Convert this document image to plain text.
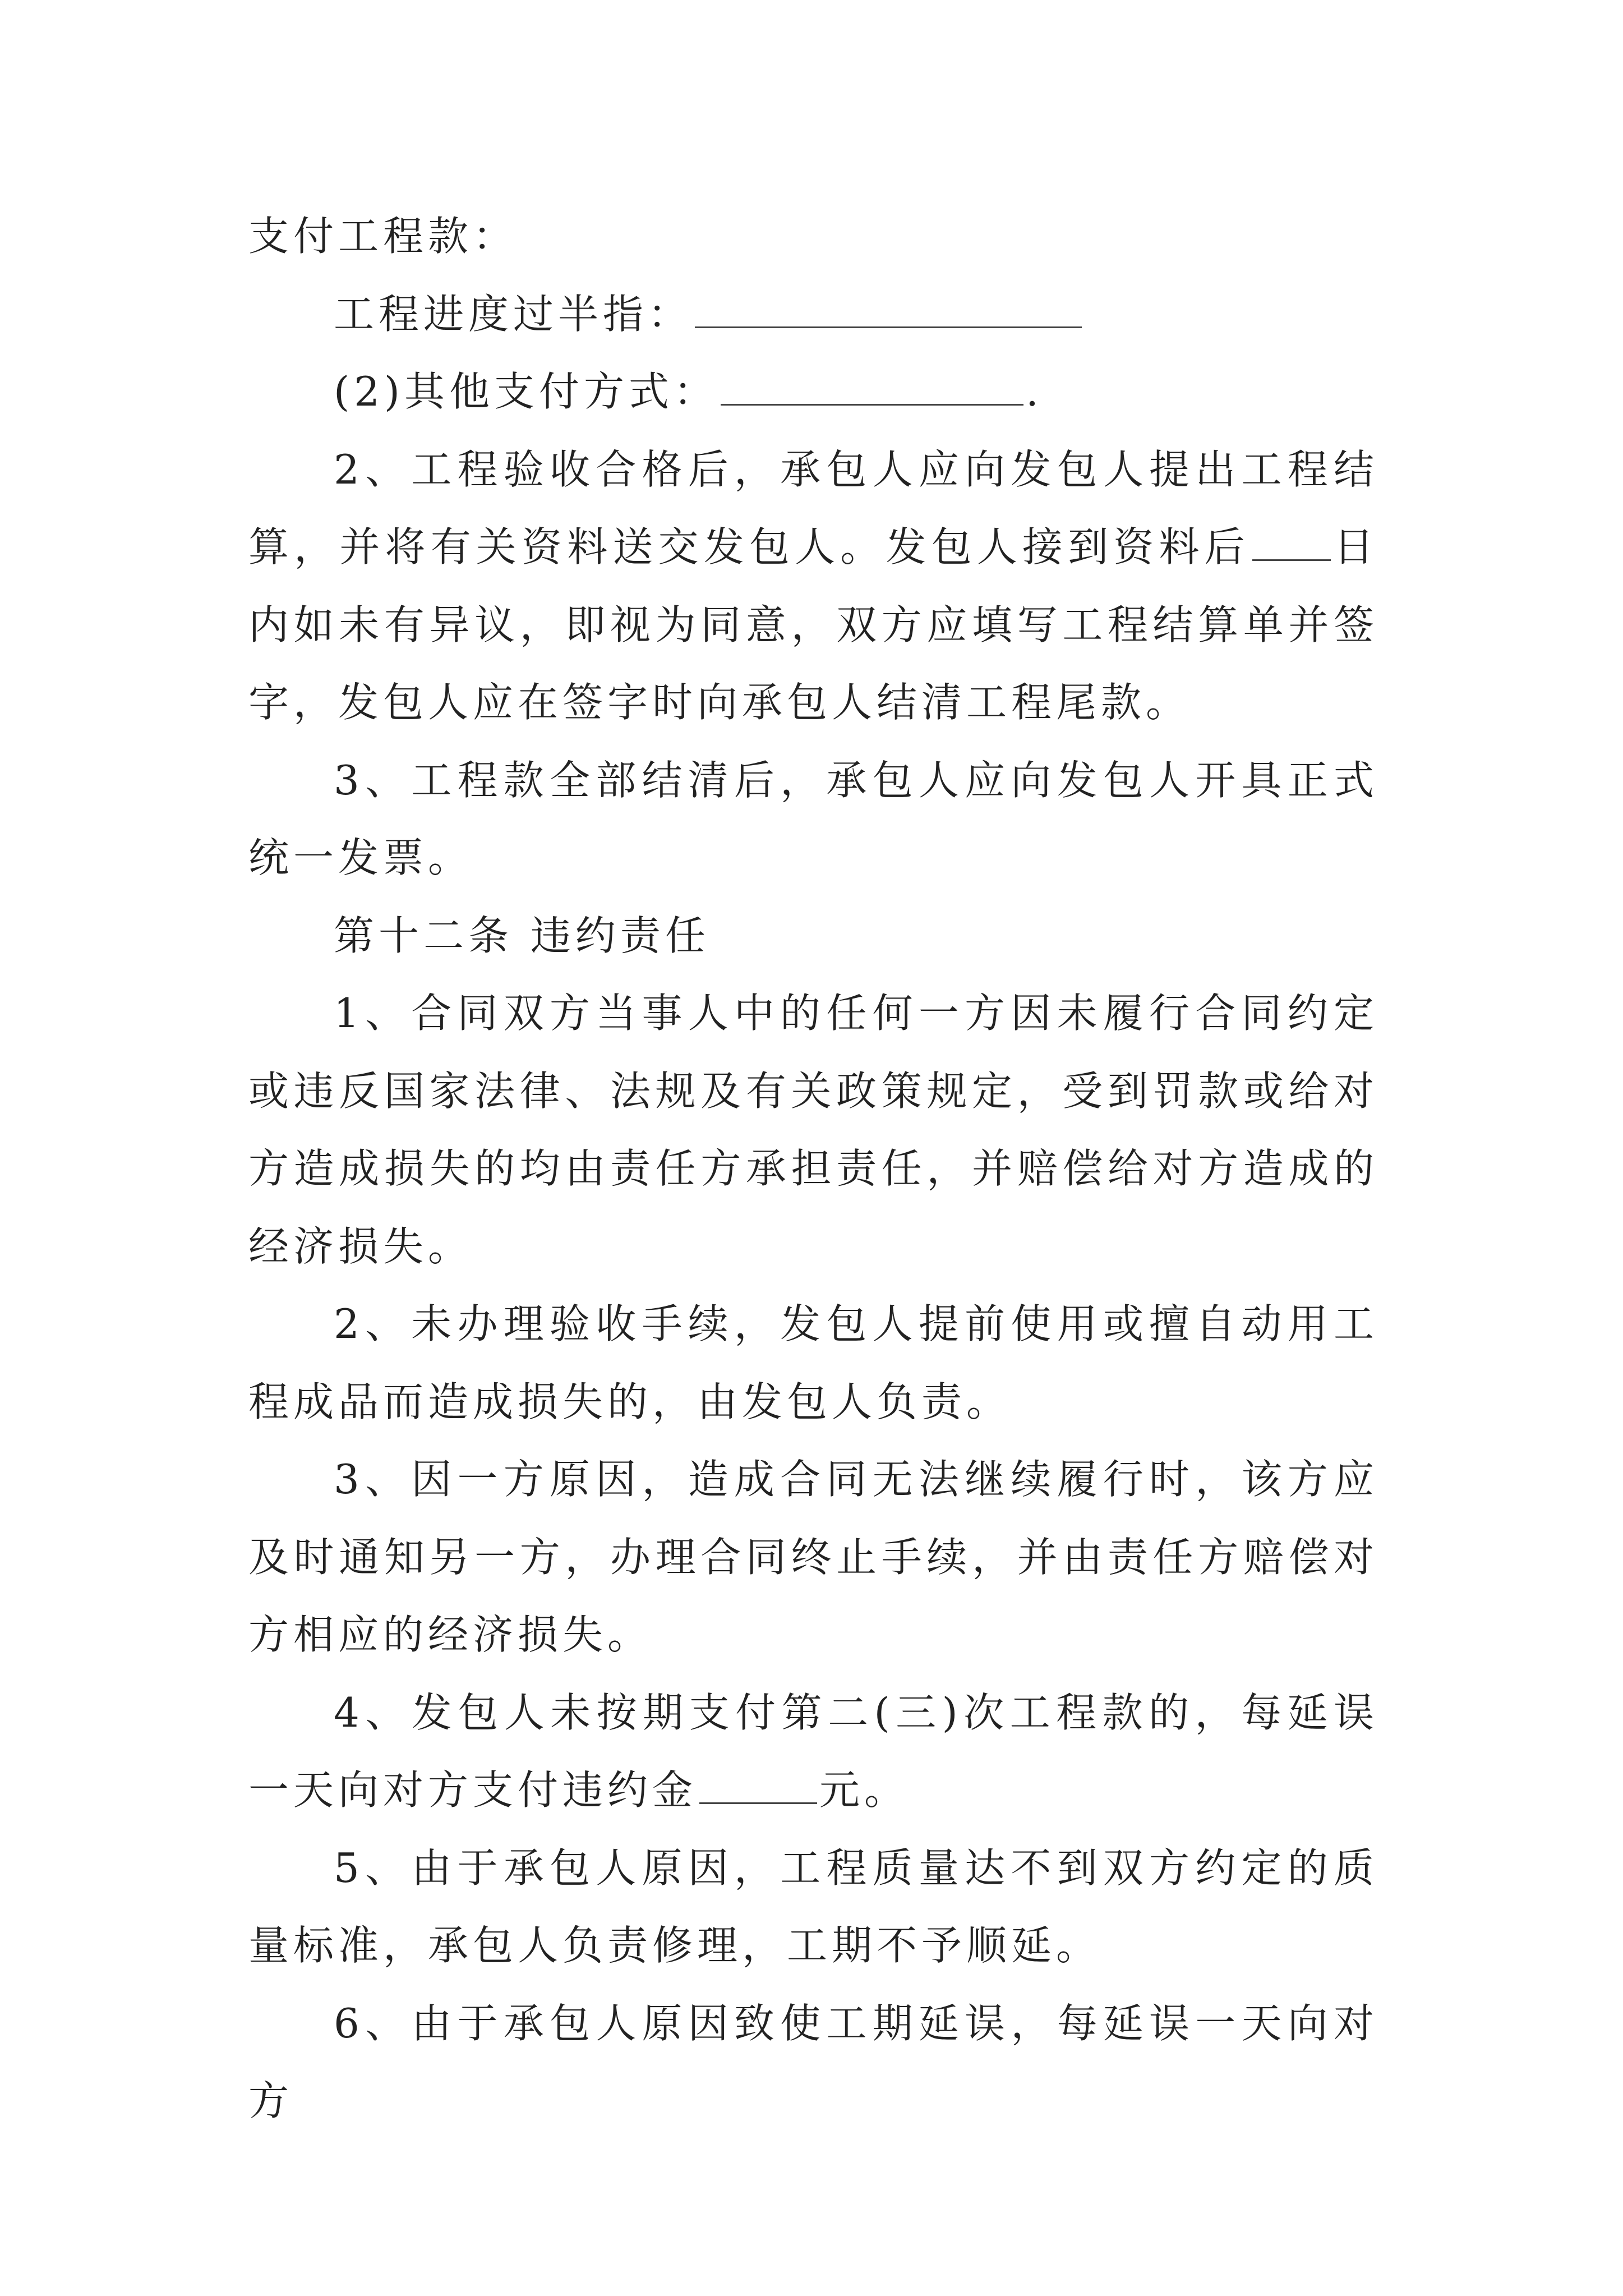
支付工程款：

工程进度过半指：

(2)其他支付方式：	.

2、工程验收合格后，承包人应向发包人提出工程结算，并将有关资料送交发包人。发包人接到资料后 日内如未有异议，即视为同意，双方应填写工程结算单并签字，发包人应在签字时向承包人结清工程尾款。

3、工程款全部结清后，承包人应向发包人开具正式统一发票。

第十二条 违约责任

1、合同双方当事人中的任何一方因未履行合同约定或违反国家法律、法规及有关政策规定，受到罚款或给对方造成损失的均由责任方承担责任，并赔偿给对方造成的经济损失。

2、未办理验收手续，发包人提前使用或擅自动用工程成品而造成损失的，由发包人负责。

3、因一方原因，造成合同无法继续履行时，该方应及时通知另一方，办理合同终止手续，并由责任方赔偿对方相应的经济损失。

4、发包人未按期支付第二(三)次工程款的，每延误一天向对方支付违约金	元。

5、由于承包人原因，工程质量达不到双方约定的质量标准，承包人负责修理，工期不予顺延。

6、由于承包人原因致使工期延误，每延误一天向对方
